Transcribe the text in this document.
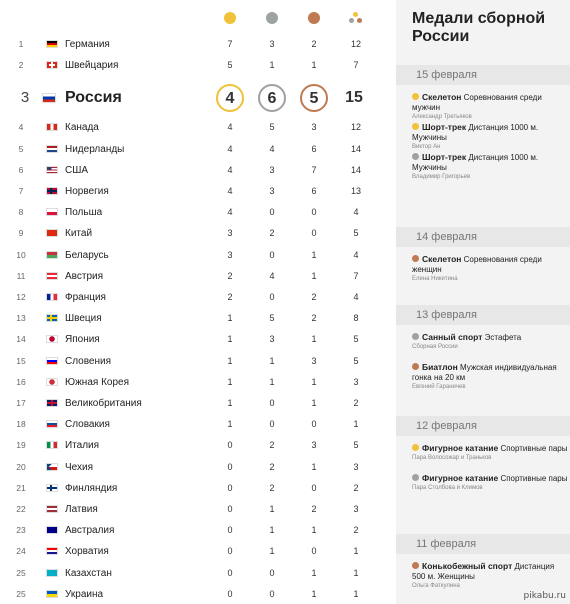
1	Германия	7	3	2	12
2	Швейцария	5	1	1	7
3	Россия	4	6	5	15
4	Канада	4	5	3	12
5	Нидерланды	4	4	6	14
6	США	4	3	7	14
7	Норвегия	4	3	6	13
8	Польша	4	0	0	4
9	Китай	3	2	0	5
10	Беларусь	3	0	1	4
11	Австрия	2	4	1	7
12	Франция	2	0	2	4
13	Швеция	1	5	2	8
14	Япония	1	3	1	5
15	Словения	1	1	3	5
16	Южная Корея	1	1	1	3
17	Великобритания	1	0	1	2
18	Словакия	1	0	0	1
19	Италия	0	2	3	5
20	Чехия	0	2	1	3
21	Финляндия	0	2	0	2
22	Латвия	0	1	2	3
23	Австралия	0	1	1	2
24	Хорватия	0	1	0	1
25	Казахстан	0	0	1	1
25	Украина	0	0	1	1
Медали сборной России
15 февраля
Скелетон Соревнования среди мужчин
Александр Третьяков
Шорт-трек Дистанция 1000 м. Мужчины
Виктор Ан
Шорт-трек Дистанция 1000 м. Мужчины
Владимир Григорьев
14 февраля
Скелетон Соревнования среди женщин
Елена Никитина
13 февраля
Санный спорт Эстафета
Сборная России
Биатлон Мужская индивидуальная гонка на 20 км
Евгений Гараничев
12 февраля
Фигурное катание Спортивные пары
Пара Волосожар и Траньков
Фигурное катание Спортивные пары
Пара Столбова и Климов
11 февраля
Конькобежный спорт Дистанция 500 м. Женщины
Ольга Фаткулина
pikabu.ru
